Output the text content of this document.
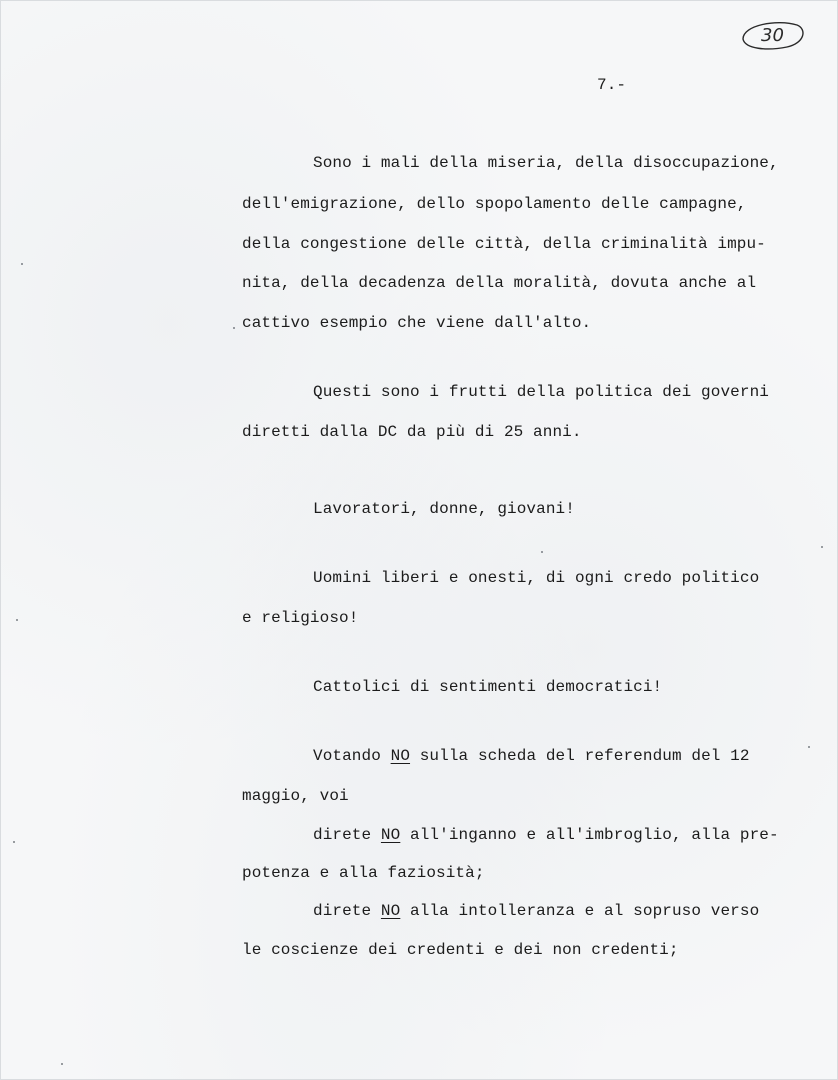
30
7.-
Sono i mali della miseria, della disoccupazione,
dell'emigrazione, dello spopolamento delle campagne,
della congestione delle città, della criminalità impu-
nita, della decadenza della moralità, dovuta anche al
cattivo esempio che viene dall'alto.
Questi sono i frutti della politica dei governi
diretti dalla DC da più di 25 anni.
Lavoratori, donne, giovani!
Uomini liberi e onesti, di ogni credo politico
e religioso!
Cattolici di sentimenti democratici!
Votando NO sulla scheda del referendum del 12
maggio, voi
direte NO all'inganno e all'imbroglio, alla pre-
potenza e alla faziosità;
direte NO alla intolleranza e al sopruso verso
le coscienze dei credenti e dei non credenti;
